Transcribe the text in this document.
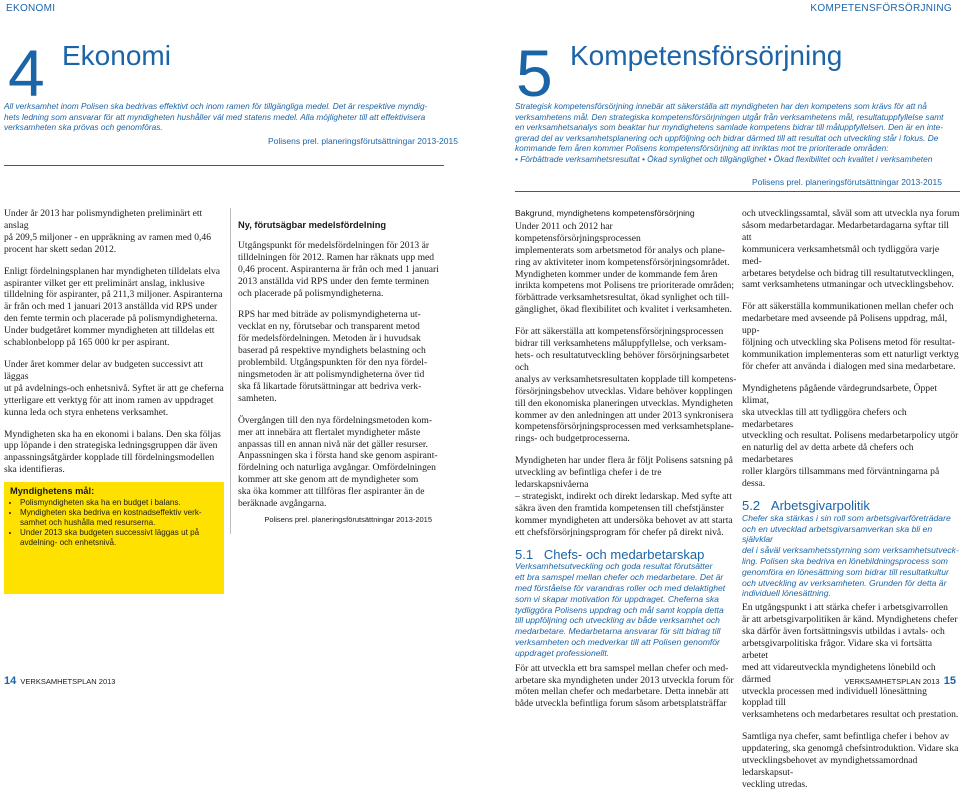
EKONOMI	KOMPETENSFÖRSÖRJNING
4 Ekonomi
All verksamhet inom Polisen ska bedrivas effektivt och inom ramen för tillgängliga medel. Det är respektive myndig-
hets ledning som ansvarar för att myndigheten hushåller väl med statens medel. Alla möjligheter till att effektivisera
verksamheten ska prövas och genomföras.
Polisens prel. planeringsförutsättningar 2013-2015
5 Kompetensförsörjning
Strategisk kompetensförsörjning innebär att säkerställa att myndigheten har den kompetens som krävs för att nå
verksamhetens mål. Den strategiska kompetensförsörjningen utgår från verksamhetens mål, resultatuppfyllelse samt
en verksamhetsanalys som beaktar hur myndighetens samlade kompetens bidrar till måluppfyllelsen. Den är en inte-
grerad del av verksamhetsplanering och uppföljning och bidrar därmed till att resultat och utveckling står i fokus. De
kommande fem åren kommer Polisens kompetensförsörjning att inriktas mot tre prioriterade områden:
• Förbättrade verksamhetsresultat • Ökad synlighet och tillgänglighet • Ökad flexibilitet och kvalitet i verksamheten
Polisens prel. planeringsförutsättningar 2013-2015

Under år 2013 har polismyndigheten preliminärt ett anslag
på 209,5 miljoner - en uppräkning av ramen med 0,46
procent har skett sedan 2012.

Enligt fördelningsplanen har myndigheten tilldelats elva
aspiranter vilket ger ett preliminärt anslag, inklusive
tilldelning för aspiranter, på 211,3 miljoner. Aspiranterna
är från och med 1 januari 2013 anställda vid RPS under
den femte termin och placerade på polismyndigheterna.
Under budgetåret kommer myndigheten att tilldelas ett
schablonbelopp på 165 000 kr per aspirant.

Under året kommer delar av budgeten successivt att läggas
ut på avdelnings-och enhetsnivå. Syftet är att ge cheferna
ytterligare ett verktyg för att inom ramen av uppdraget
kunna leda och styra enhetens verksamhet.

Myndigheten ska ha en ekonomi i balans. Den ska följas
upp löpande i den strategiska ledningsgruppen där även
anpassningsåtgärder kopplade till fördelningsmodellen
ska identifieras.

Myndighetens mål:
• Polismyndigheten ska ha en budget i balans.
• Myndigheten ska bedriva en kostnadseffektiv verk-
samhet och hushålla med resurserna.
• Under 2013 ska budgeten successivt läggas ut på
avdelning- och enhetsnivå.

Ny, förutsägbar medelsfördelning

Utgångspunkt för medelsfördelningen för 2013 är
tilldelningen för 2012. Ramen har räknats upp med
0,46 procent. Aspiranterna är från och med 1 januari
2013 anställda vid RPS under den femte terminen
och placerade på polismyndigheterna.

RPS har med biträde av polismyndigheterna ut-
vecklat en ny, förutsebar och transparent metod
för medelsfördelningen. Metoden är i huvudsak
baserad på respektive myndighets belastning och
problembild. Utgångspunkten för den nya fördel-
ningsmetoden är att polismyndigheterna över tid
ska få likartade förutsättningar att bedriva verk-
samheten.

Övergången till den nya fördelningsmetoden kom-
mer att innebära att flertalet myndigheter måste
anpassas till en annan nivå när det gäller resurser.
Anpassningen ska i första hand ske genom aspirant-
fördelning och naturliga avgångar. Omfördelningen
kommer att ske genom att de myndigheter som
ska öka kommer att tillföras fler aspiranter än de
beräknade avgångarna.

Polisens prel. planeringsförutsättningar 2013-2015
Bakgrund, myndighetens kompetensförsörjning

Under 2011 och 2012 har kompetensförsörjningsprocessen
implementerats som arbetsmetod för analys och plane-
ring av aktiviteter inom kompetensförsörjningsområdet.
Myndigheten kommer under de kommande fem åren
inrikta kompetens mot Polisens tre prioriterade områden;
förbättrade verksamhetsresultat, ökad synlighet och till-
gänglighet, ökad flexibilitet och kvalitet i verksamheten.

För att säkerställa att kompetensförsörjningsprocessen
bidrar till verksamhetens måluppfyllelse, och verksam-
hets- och resultatutveckling behöver försörjningsarbetet och
analys av verksamhetsresultaten kopplade till kompetens-
försörjningsbehov utvecklas. Vidare behöver kopplingen
till den ekonomiska planeringen utvecklas. Myndigheten
kommer av den anledningen att under 2013 synkronisera
kompetensförsörjningsprocessen med verksamhetsplane-
rings- och budgetprocesserna.

Myndigheten har under flera år följt Polisens satsning på
utveckling av befintliga chefer i de tre ledarskapsnivåerna
– strategiskt, indirekt och direkt ledarskap. Med syfte att
säkra även den framtida kompetensen till chefstjänster
kommer myndigheten att undersöka behovet av att starta
ett chefsförsörjningsprogram för chefer på direkt nivå.

5.1 Chefs- och medarbetarskap
Verksamhetsutveckling och goda resultat förutsätter
ett bra samspel mellan chefer och medarbetare. Det är
med förståelse för varandras roller och med delaktighet
som vi skapar motivation för uppdraget. Cheferna ska
tydliggöra Polisens uppdrag och mål samt koppla detta
till uppföljning och utveckling av både verksamhet och
medarbetare. Medarbetarna ansvarar för sitt bidrag till
verksamheten och medverkar till att Polisen genomför
uppdraget professionellt.

För att utveckla ett bra samspel mellan chefer och med-
arbetare ska myndigheten under 2013 utveckla forum för
möten mellan chefer och medarbetare. Detta innebär att
både utveckla befintliga forum såsom arbetsplatsträffar

och utvecklingssamtal, såväl som att utveckla nya forum
såsom medarbetardagar. Medarbetardagarna syftar till att
kommunicera verksamhetsmål och tydliggöra varje med-
arbetares betydelse och bidrag till resultatutvecklingen,
samt verksamhetens utmaningar och utvecklingsbehov.

För att säkerställa kommunikationen mellan chefer och
medarbetare med avseende på Polisens uppdrag, mål, upp-
följning och utveckling ska Polisens metod för resultat-
kommunikation implementeras som ett naturligt verktyg
för chefer att använda i dialogen med sina medarbetare.

Myndighetens pågående värdegrundsarbete, Öppet klimat,
ska utvecklas till att tydliggöra chefers och medarbetares
utveckling och resultat. Polisens medarbetarpolicy utgör
en naturlig del av detta arbete då chefers och medarbetares
roller klargörs tillsammans med förväntningarna på dessa.

5.2 Arbetsgivarpolitik
Chefer ska stärkas i sin roll som arbetsgivarföreträdare
och en utvecklad arbetsgivarsamverkan ska bli en självklar
del i såväl verksamhetsstyrning som verksamhetsutveck-
ling. Polisen ska bedriva en lönebildningsprocess som
genomföra en lönesättning som bidrar till resultatkultur
och utveckling av verksamheten. Grunden för detta är
individuell lönesättning.

En utgångspunkt i att stärka chefer i arbetsgivarrollen
är att arbetsgivarpolitiken är känd. Myndighetens chefer
ska därför även fortsättningsvis utbildas i avtals- och
arbetsgivarpolitiska frågor. Vidare ska vi fortsätta arbetet
med att vidareutveckla myndighetens lönebild och därmed
utveckla processen med individuell lönesättning kopplad till
verksamhetens och medarbetares resultat och prestation.

Samtliga nya chefer, samt befintliga chefer i behov av
uppdatering, ska genomgå chefsintroduktion. Vidare ska
utvecklingsbehovet av myndighetssamordnad ledarskapsut-
veckling utredas.

14 VERKSAMHETSPLAN 2013	VERKSAMHETSPLAN 2013 15
